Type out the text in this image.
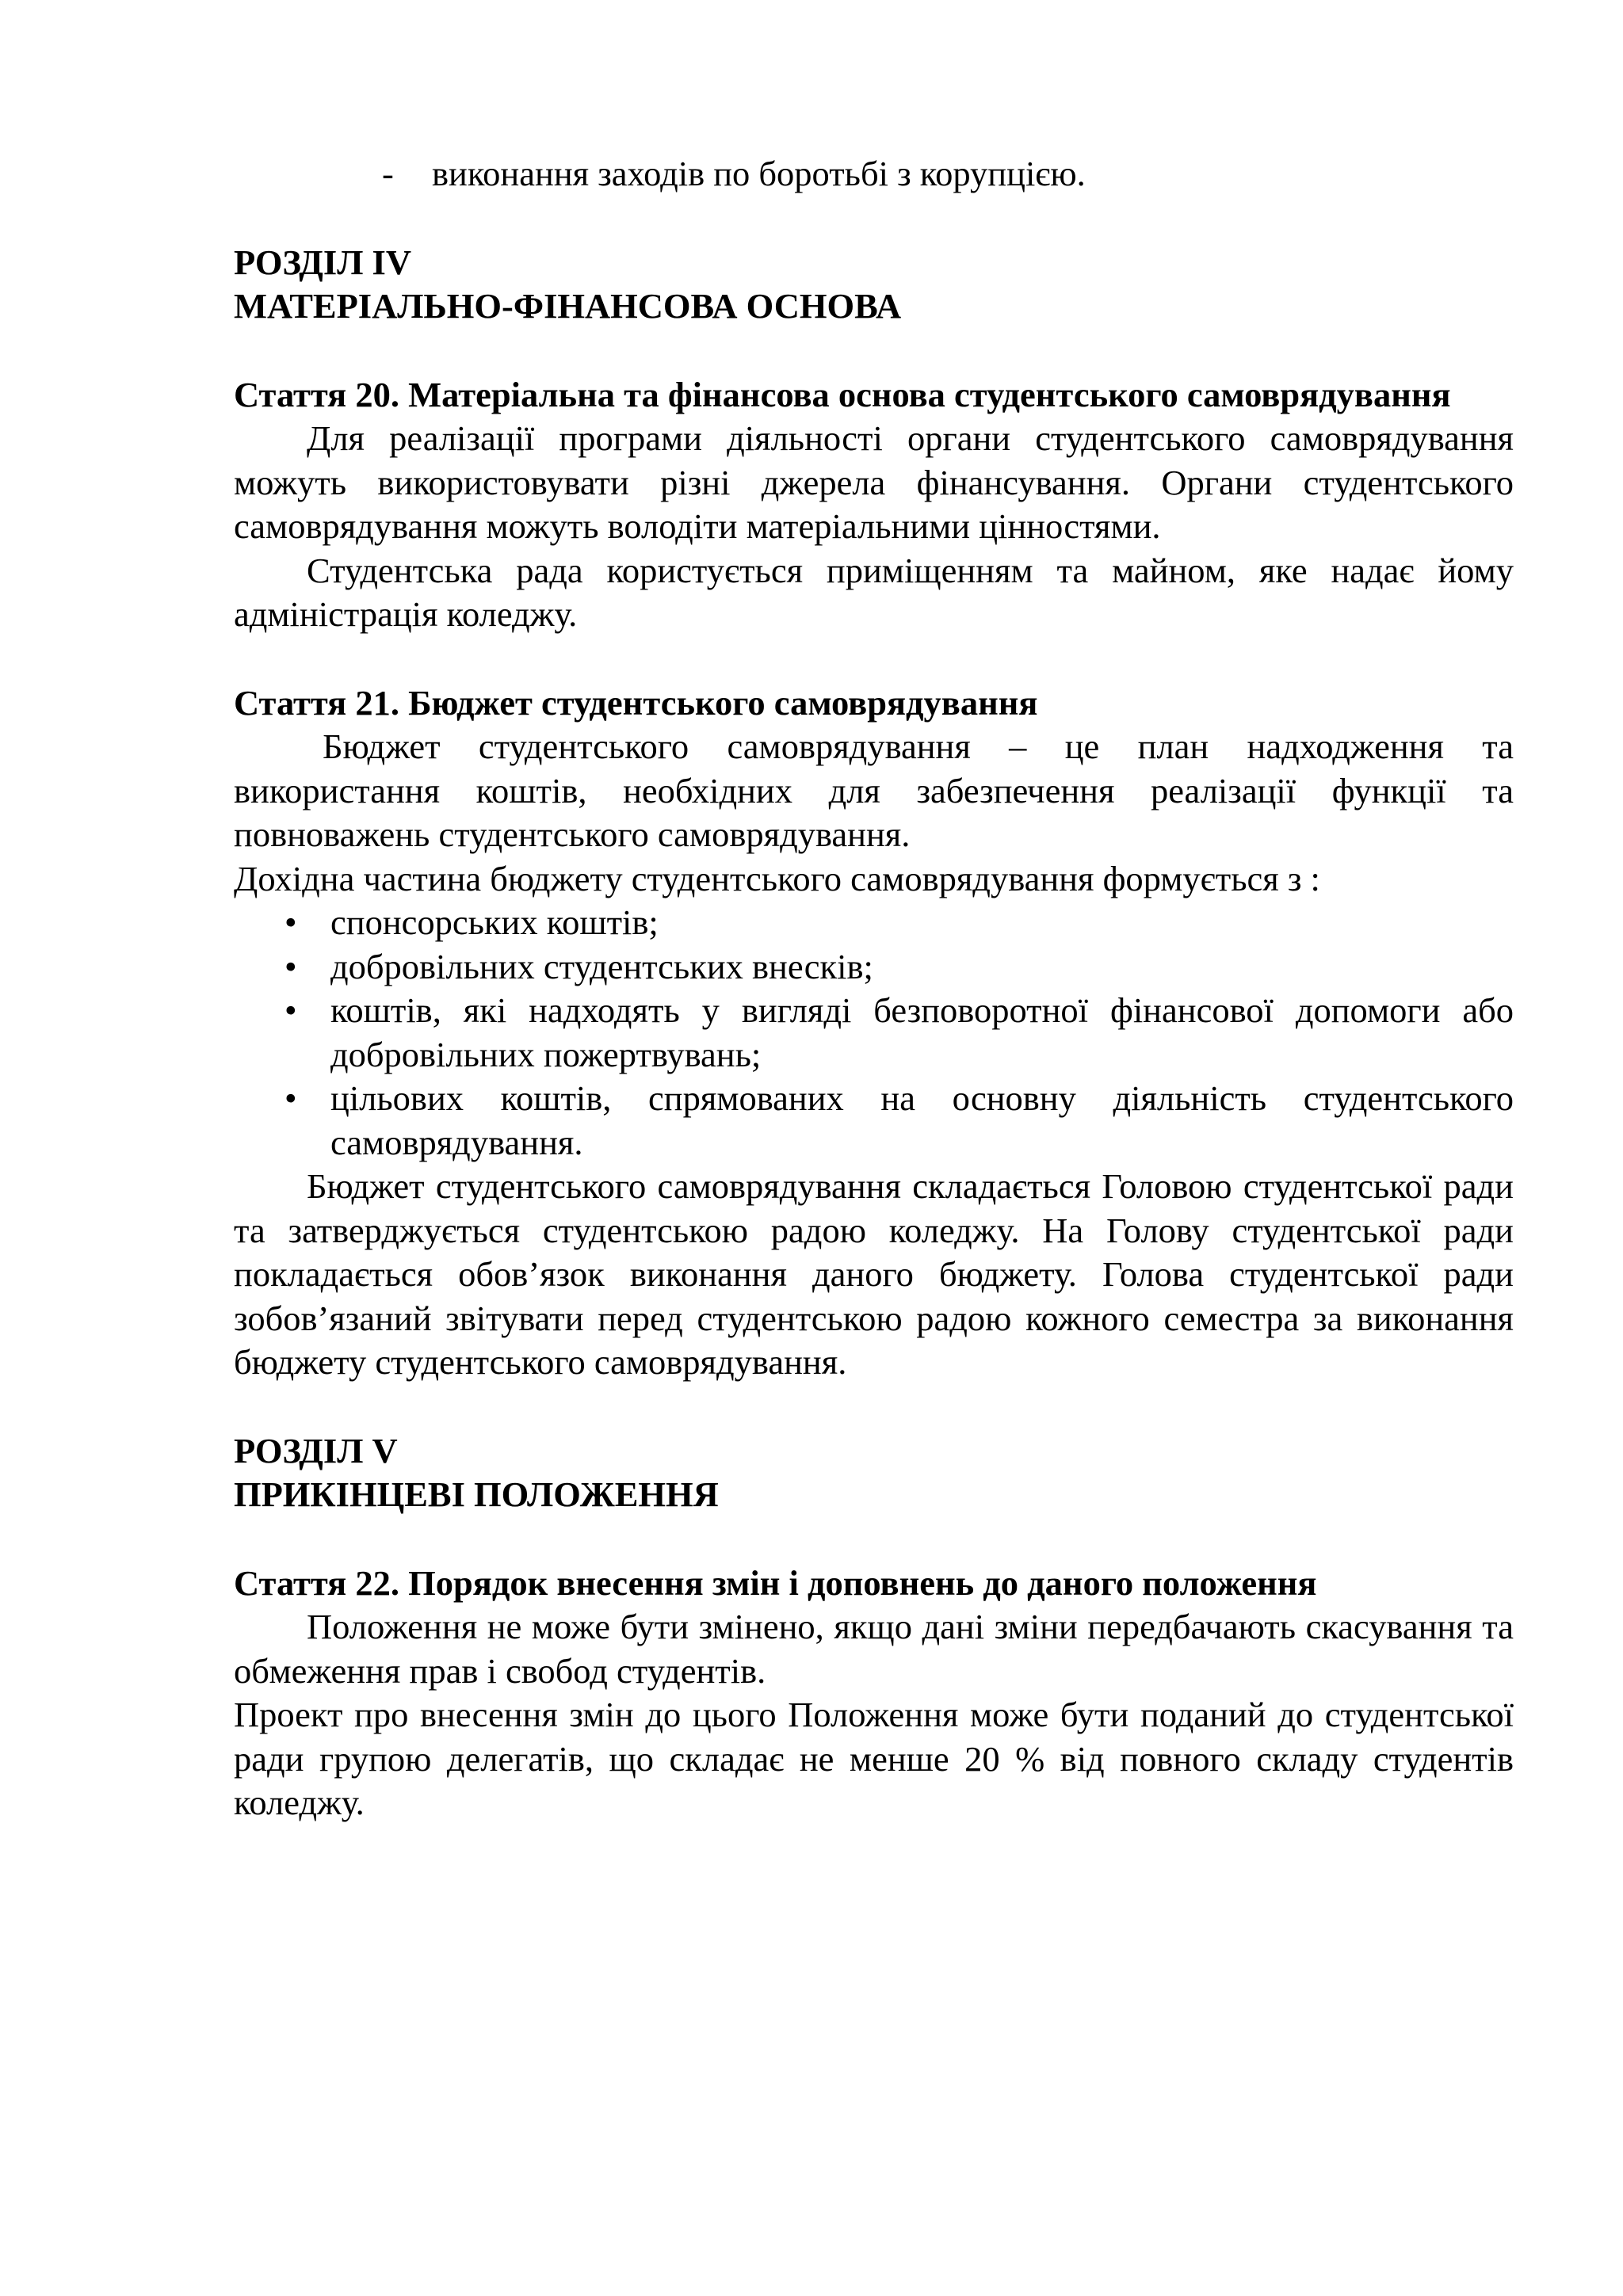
- виконання заходів по боротьбі з корупцією.

РОЗДІЛ IV
МАТЕРІАЛЬНО-ФІНАНСОВА ОСНОВА
Стаття 20. Матеріальна та фінансова основа студентського самоврядування

Для реалізації програми діяльності органи студентського самоврядування можуть використовувати різні джерела фінансування. Органи студентського самоврядування можуть володіти матеріальними цінностями.

Студентська рада користується приміщенням та майном, яке надає йому адміністрація коледжу.

Стаття 21. Бюджет студентського самоврядування

Бюджет студентського самоврядування – це план надходження та використання коштів, необхідних для забезпечення реалізації функції та повноважень студентського самоврядування.

Дохідна частина бюджету студентського самоврядування формується з :

• спонсорських коштів;
• добровільних студентських внесків;
• коштів, які надходять у вигляді безповоротної фінансової допомоги або добровільних пожертвувань;
• цільових коштів, спрямованих на основну діяльність студентського самоврядування.

Бюджет студентського самоврядування складається Головою студентської ради та затверджується студентською радою коледжу. На Голову студентської ради покладається обов’язок виконання даного бюджету. Голова студентської ради зобов’язаний звітувати перед студентською радою кожного семестра за виконання бюджету студентського самоврядування.

РОЗДІЛ V
ПРИКІНЦЕВІ ПОЛОЖЕННЯ
Стаття 22. Порядок внесення змін і доповнень до даного положення

Положення не може бути змінено, якщо дані зміни передбачають скасування та обмеження прав і свобод студентів.

Проект про внесення змін до цього Положення може бути поданий до студентської ради групою делегатів, що складає не менше 20 % від повного складу студентів коледжу.
